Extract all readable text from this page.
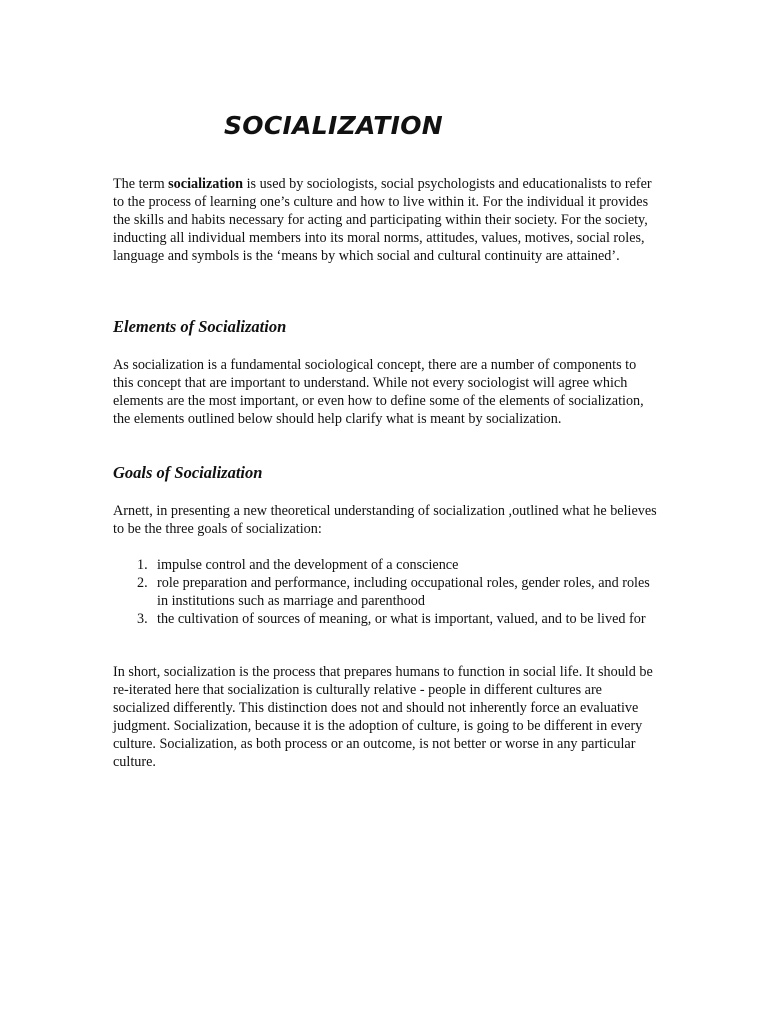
SOCIALIZATION

The term socialization is used by sociologists, social psychologists and educationalists to refer to the process of learning one’s culture and how to live within it. For the individual it provides the skills and habits necessary for acting and participating within their society. For the society, inducting all individual members into its moral norms, attitudes, values, motives, social roles, language and symbols is the ‘means by which social and cultural continuity are attained’.

Elements of Socialization

As socialization is a fundamental sociological concept, there are a number of components to this concept that are important to understand. While not every sociologist will agree which elements are the most important, or even how to define some of the elements of socialization, the elements outlined below should help clarify what is meant by socialization.

Goals of Socialization

Arnett, in presenting a new theoretical understanding of socialization ,outlined what he believes to be the three goals of socialization:

1. impulse control and the development of a conscience
2. role preparation and performance, including occupational roles, gender roles, and roles in institutions such as marriage and parenthood
3. the cultivation of sources of meaning, or what is important, valued, and to be lived for

In short, socialization is the process that prepares humans to function in social life. It should be re-iterated here that socialization is culturally relative - people in different cultures are socialized differently. This distinction does not and should not inherently force an evaluative judgment. Socialization, because it is the adoption of culture, is going to be different in every culture. Socialization, as both process or an outcome, is not better or worse in any particular culture.
